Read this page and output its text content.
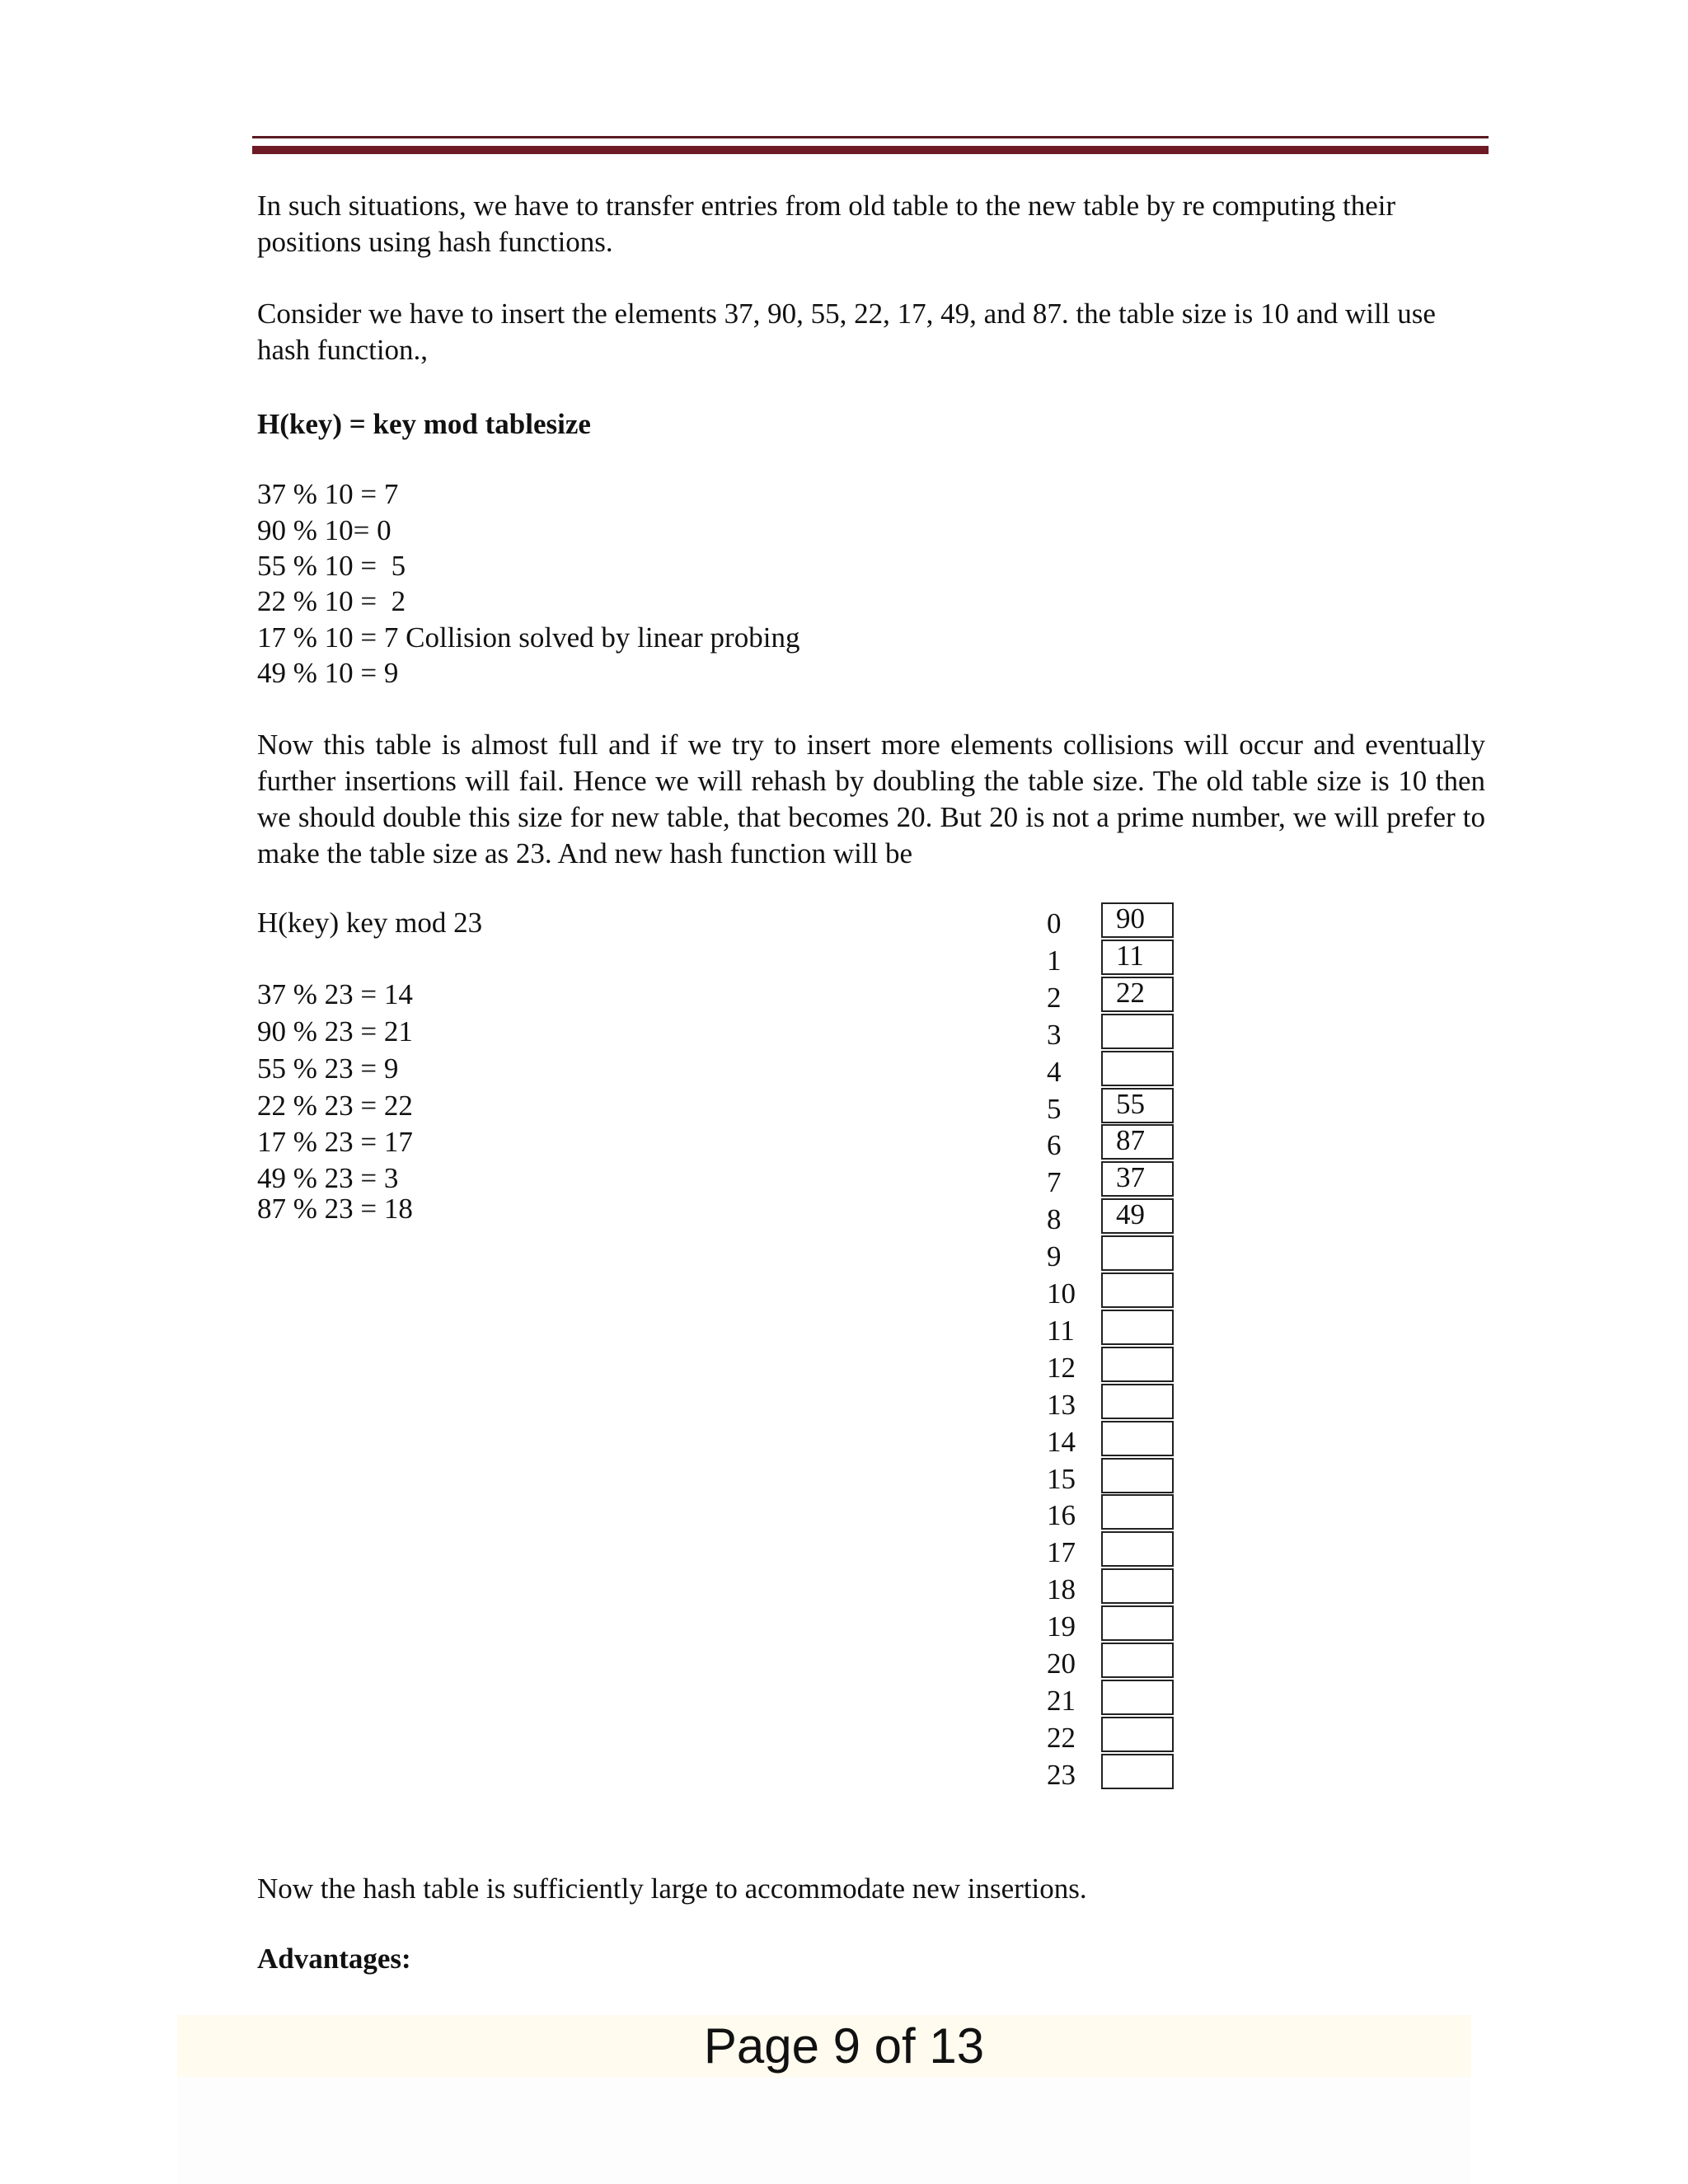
In such situations, we have to transfer entries from old table to the new table by re computing their positions using hash functions.

Consider we have to insert the elements 37, 90, 55, 22, 17, 49, and 87. the table size is 10 and will use hash function.,

H(key) = key mod tablesize

37 % 10 = 7
90 % 10= 0
55 % 10 =  5
22 % 10 =  2
17 % 10 = 7 Collision solved by linear probing
49 % 10 = 9

Now this table is almost full and if we try to insert more elements collisions will occur and eventually further insertions will fail. Hence we will rehash by doubling the table size. The old table size is 10 then we should double this size for new table, that becomes 20. But 20 is not a prime number, we will prefer to make the table size as 23. And new hash function will be

H(key) key mod 23
37 % 23 = 14
90 % 23 = 21
55 % 23 = 9
22 % 23 = 22
17 % 23 = 17
49 % 23 = 3
87 % 23 = 18
0	90
1	11
2	22
3
4
5	55
6	87
7	37
8	49
9
10
11
12
13
14
15
16
17
18
19
20
21
22
23

Now the hash table is sufficiently large to accommodate new insertions.

Advantages:

Page 9 of 13
